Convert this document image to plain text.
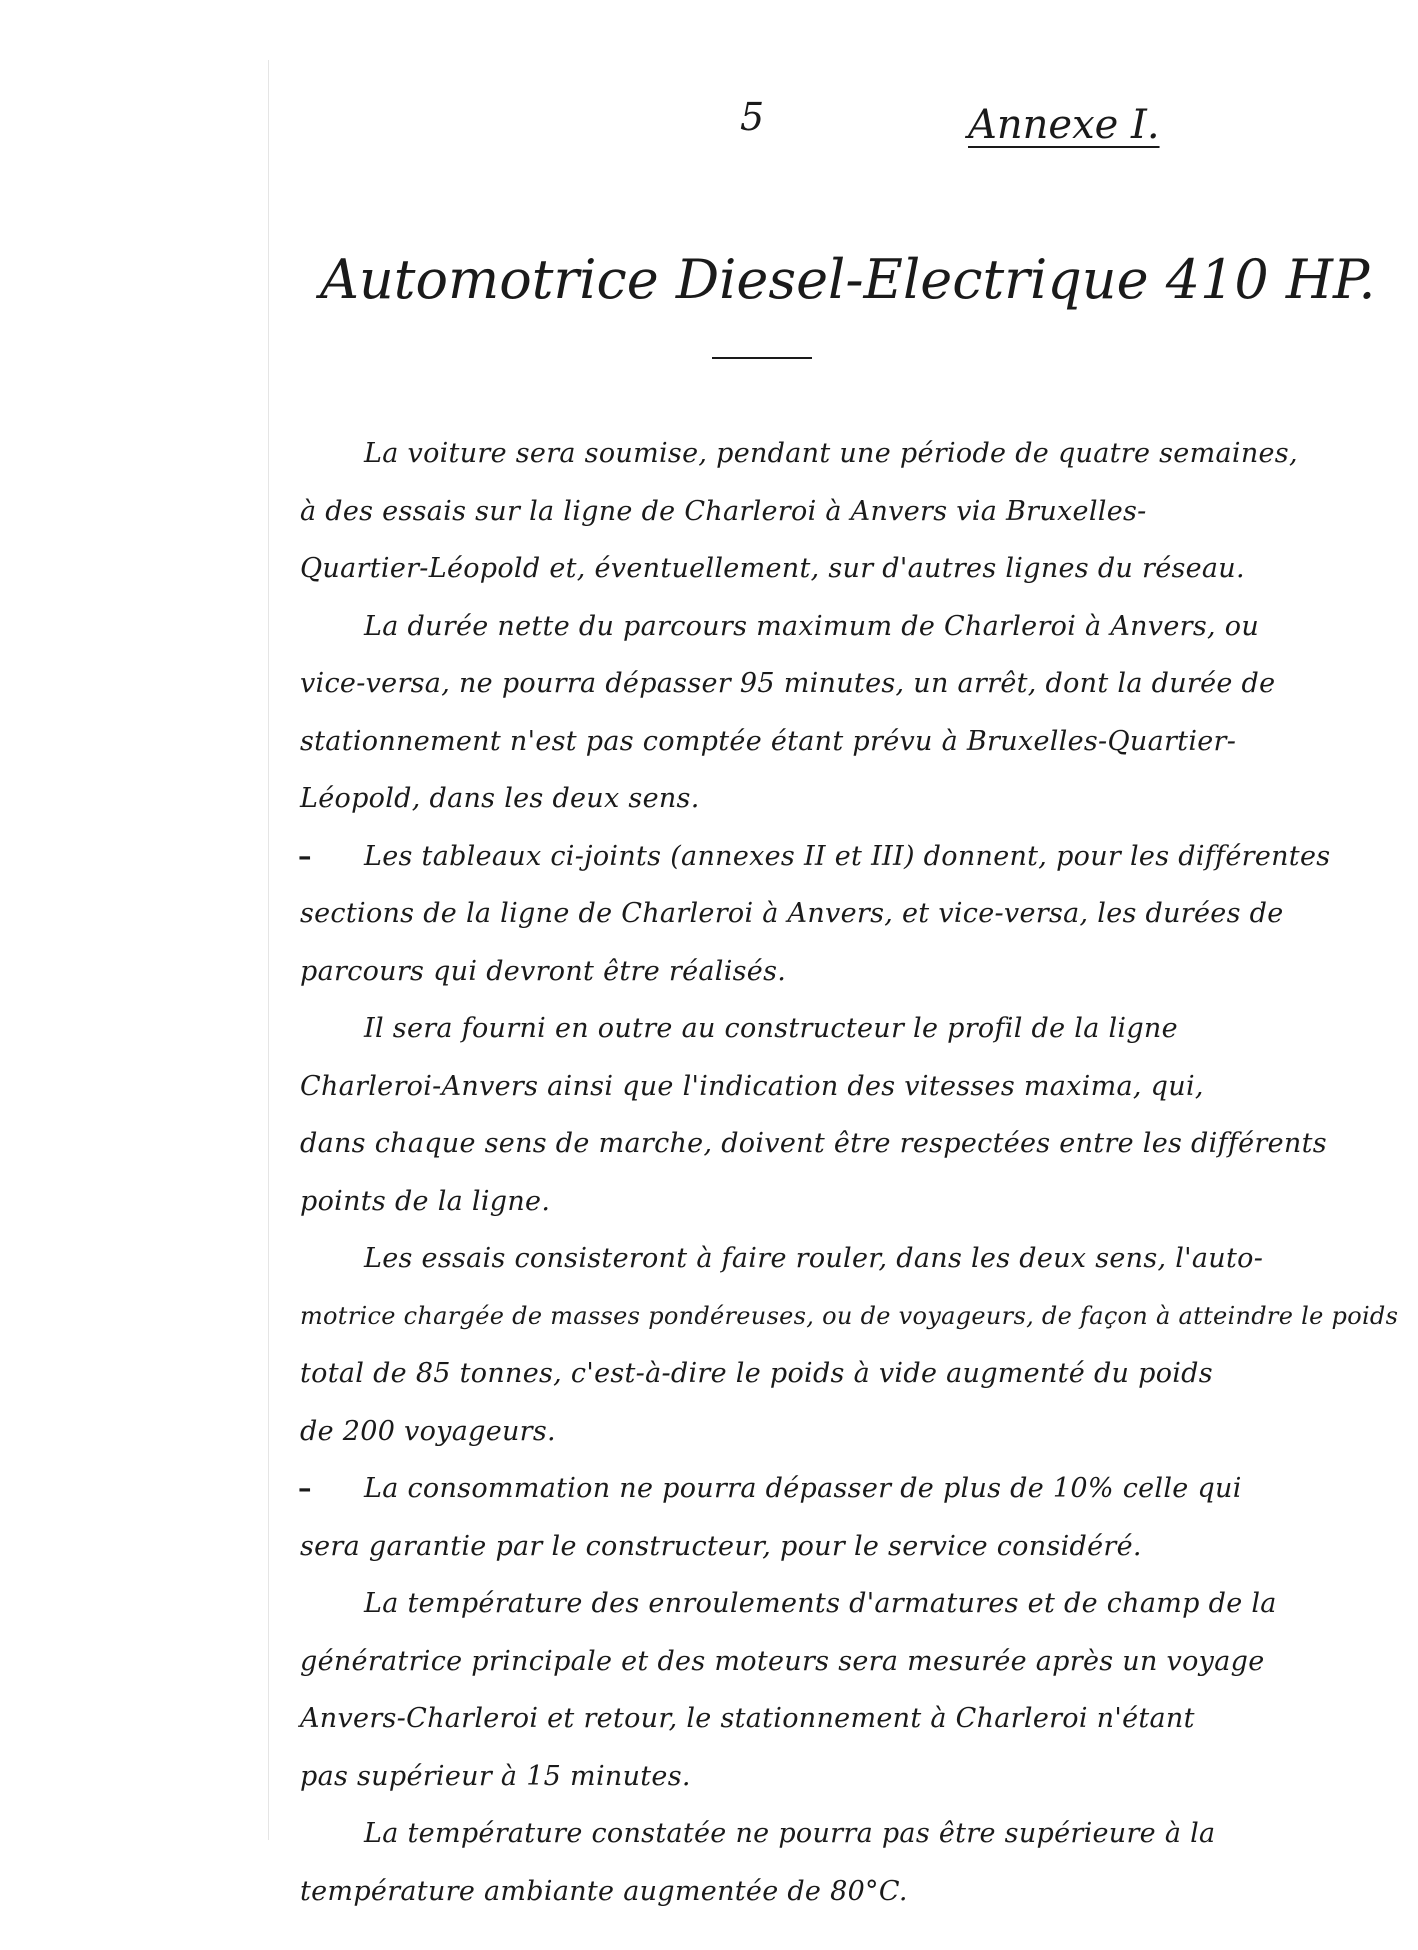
5	Annexe I.
Automotrice Diesel-Electrique 410 HP.
La voiture sera soumise, pendant une période de quatre semaines,
à des essais sur la ligne de Charleroi à Anvers via Bruxelles-
Quartier-Léopold et, éventuellement, sur d'autres lignes du réseau.
La durée nette du parcours maximum de Charleroi à Anvers, ou
vice-versa, ne pourra dépasser 95 minutes, un arrêt, dont la durée de
stationnement n'est pas comptée étant prévu à Bruxelles-Quartier-
Léopold, dans les deux sens.
– Les tableaux ci-joints (annexes II et III) donnent, pour les différentes
sections de la ligne de Charleroi à Anvers, et vice-versa, les durées de
parcours qui devront être réalisés.
Il sera fourni en outre au constructeur le profil de la ligne
Charleroi-Anvers ainsi que l'indication des vitesses maxima, qui,
dans chaque sens de marche, doivent être respectées entre les différents
points de la ligne.
Les essais consisteront à faire rouler, dans les deux sens, l'auto-
motrice chargée de masses pondéreuses, ou de voyageurs, de façon à atteindre le poids
total de 85 tonnes, c'est-à-dire le poids à vide augmenté du poids
de 200 voyageurs.
– La consommation ne pourra dépasser de plus de 10% celle qui
sera garantie par le constructeur, pour le service considéré.
La température des enroulements d'armatures et de champ de la
génératrice principale et des moteurs sera mesurée après un voyage
Anvers-Charleroi et retour, le stationnement à Charleroi n'étant
pas supérieur à 15 minutes.
La température constatée ne pourra pas être supérieure à la
température ambiante augmentée de 80°C.
